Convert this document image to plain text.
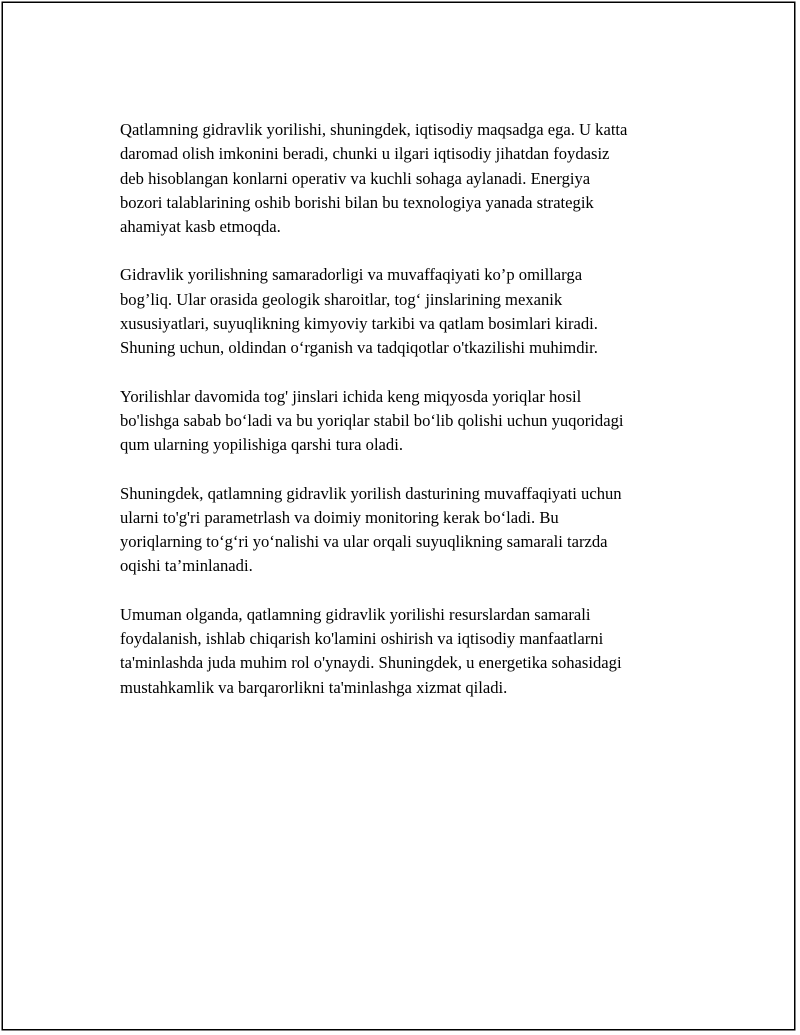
Qatlamning gidravlik yorilishi, shuningdek, iqtisodiy maqsadga ega. U katta
daromad olish imkonini beradi, chunki u ilgari iqtisodiy jihatdan foydasiz
deb hisoblangan konlarni operativ va kuchli sohaga aylanadi. Energiya
bozori talablarining oshib borishi bilan bu texnologiya yanada strategik
ahamiyat kasb etmoqda.

Gidravlik yorilishning samaradorligi va muvaffaqiyati ko’p omillarga
bog’liq. Ular orasida geologik sharoitlar, tog‘ jinslarining mexanik
xususiyatlari, suyuqlikning kimyoviy tarkibi va qatlam bosimlari kiradi.
Shuning uchun, oldindan o‘rganish va tadqiqotlar o'tkazilishi muhimdir.

Yorilishlar davomida tog' jinslari ichida keng miqyosda yoriqlar hosil
bo'lishga sabab bo‘ladi va bu yoriqlar stabil bo‘lib qolishi uchun yuqoridagi
qum ularning yopilishiga qarshi tura oladi.

Shuningdek, qatlamning gidravlik yorilish dasturining muvaffaqiyati uchun
ularni to'g'ri parametrlash va doimiy monitoring kerak bo‘ladi. Bu
yoriqlarning to‘g‘ri yo‘nalishi va ular orqali suyuqlikning samarali tarzda
oqishi ta’minlanadi.

Umuman olganda, qatlamning gidravlik yorilishi resurslardan samarali
foydalanish, ishlab chiqarish ko'lamini oshirish va iqtisodiy manfaatlarni
ta'minlashda juda muhim rol o'ynaydi. Shuningdek, u energetika sohasidagi
mustahkamlik va barqarorlikni ta'minlashga xizmat qiladi.
